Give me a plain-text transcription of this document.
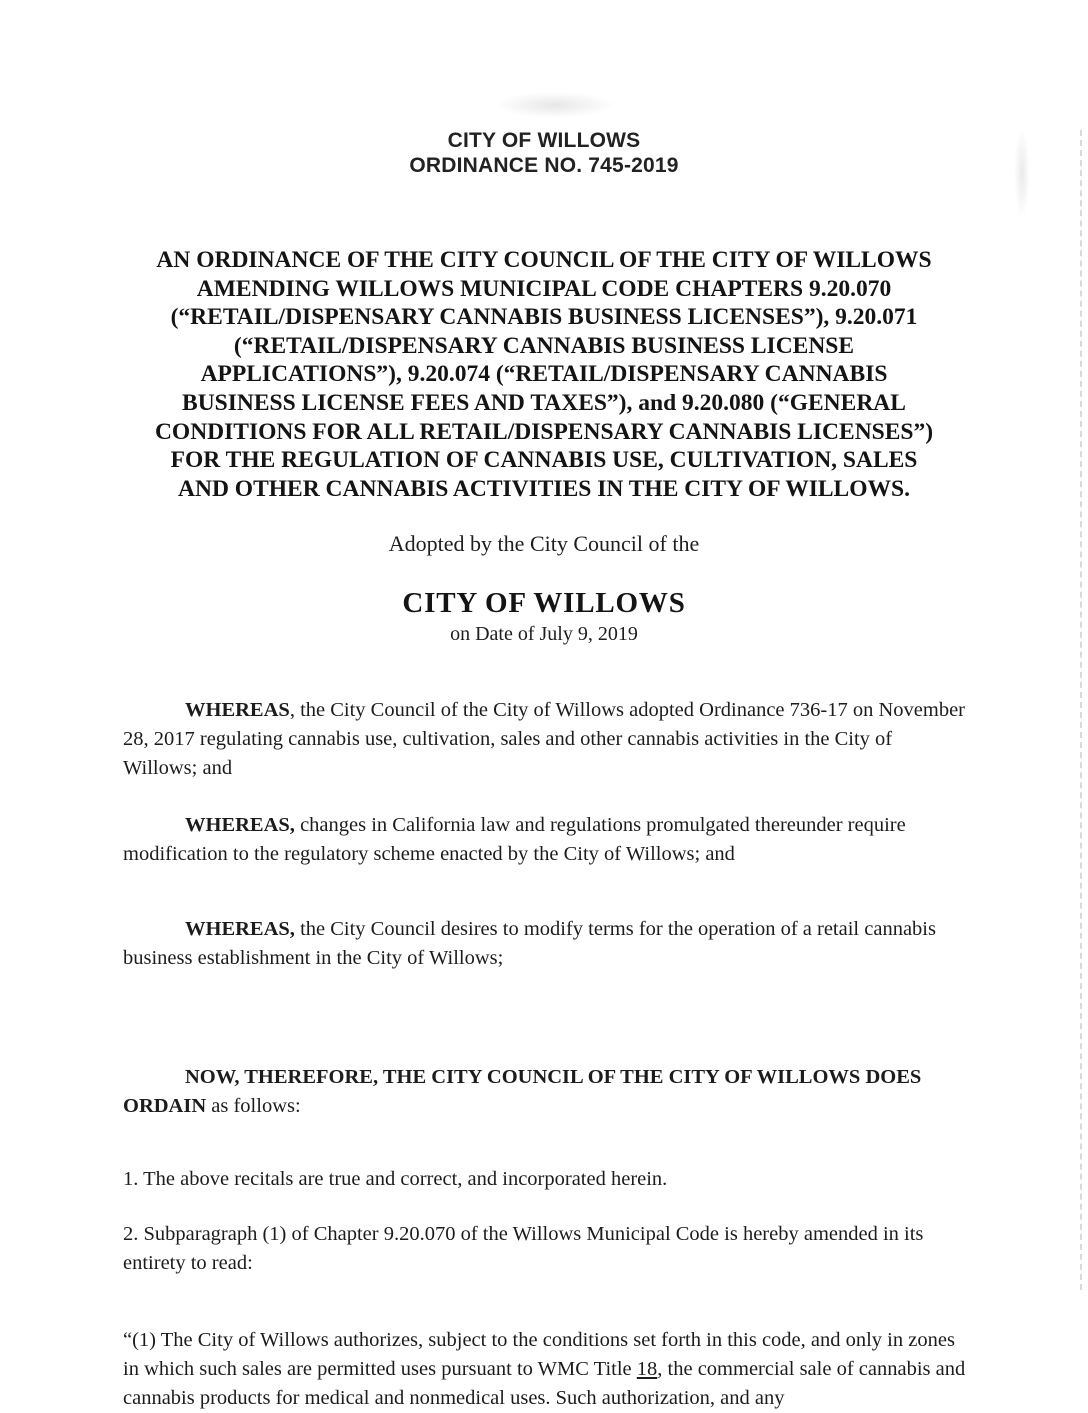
CITY OF WILLOWS
ORDINANCE NO. 745-2019
AN ORDINANCE OF THE CITY COUNCIL OF THE CITY OF WILLOWS
AMENDING WILLOWS MUNICIPAL CODE CHAPTERS 9.20.070
(“RETAIL/DISPENSARY CANNABIS BUSINESS LICENSES”), 9.20.071
(“RETAIL/DISPENSARY CANNABIS BUSINESS LICENSE
APPLICATIONS”), 9.20.074 (“RETAIL/DISPENSARY CANNABIS
BUSINESS LICENSE FEES AND TAXES”), and 9.20.080 (“GENERAL
CONDITIONS FOR ALL RETAIL/DISPENSARY CANNABIS LICENSES”)
FOR THE REGULATION OF CANNABIS USE, CULTIVATION, SALES
AND OTHER CANNABIS ACTIVITIES IN THE CITY OF WILLOWS.
Adopted by the City Council of the
CITY OF WILLOWS
on Date of July 9, 2019

WHEREAS, the City Council of the City of Willows adopted Ordinance 736-17 on November 28, 2017 regulating cannabis use, cultivation, sales and other cannabis activities in the City of Willows; and

WHEREAS, changes in California law and regulations promulgated thereunder require modification to the regulatory scheme enacted by the City of Willows; and

WHEREAS, the City Council desires to modify terms for the operation of a retail cannabis business establishment in the City of Willows;

NOW, THEREFORE, THE CITY COUNCIL OF THE CITY OF WILLOWS DOES ORDAIN as follows:

1. The above recitals are true and correct, and incorporated herein.

2. Subparagraph (1) of Chapter 9.20.070 of the Willows Municipal Code is hereby amended in its entirety to read:

“(1) The City of Willows authorizes, subject to the conditions set forth in this code, and only in zones in which such sales are permitted uses pursuant to WMC Title 18, the commercial sale of cannabis and cannabis products for medical and nonmedical uses. Such authorization, and any
